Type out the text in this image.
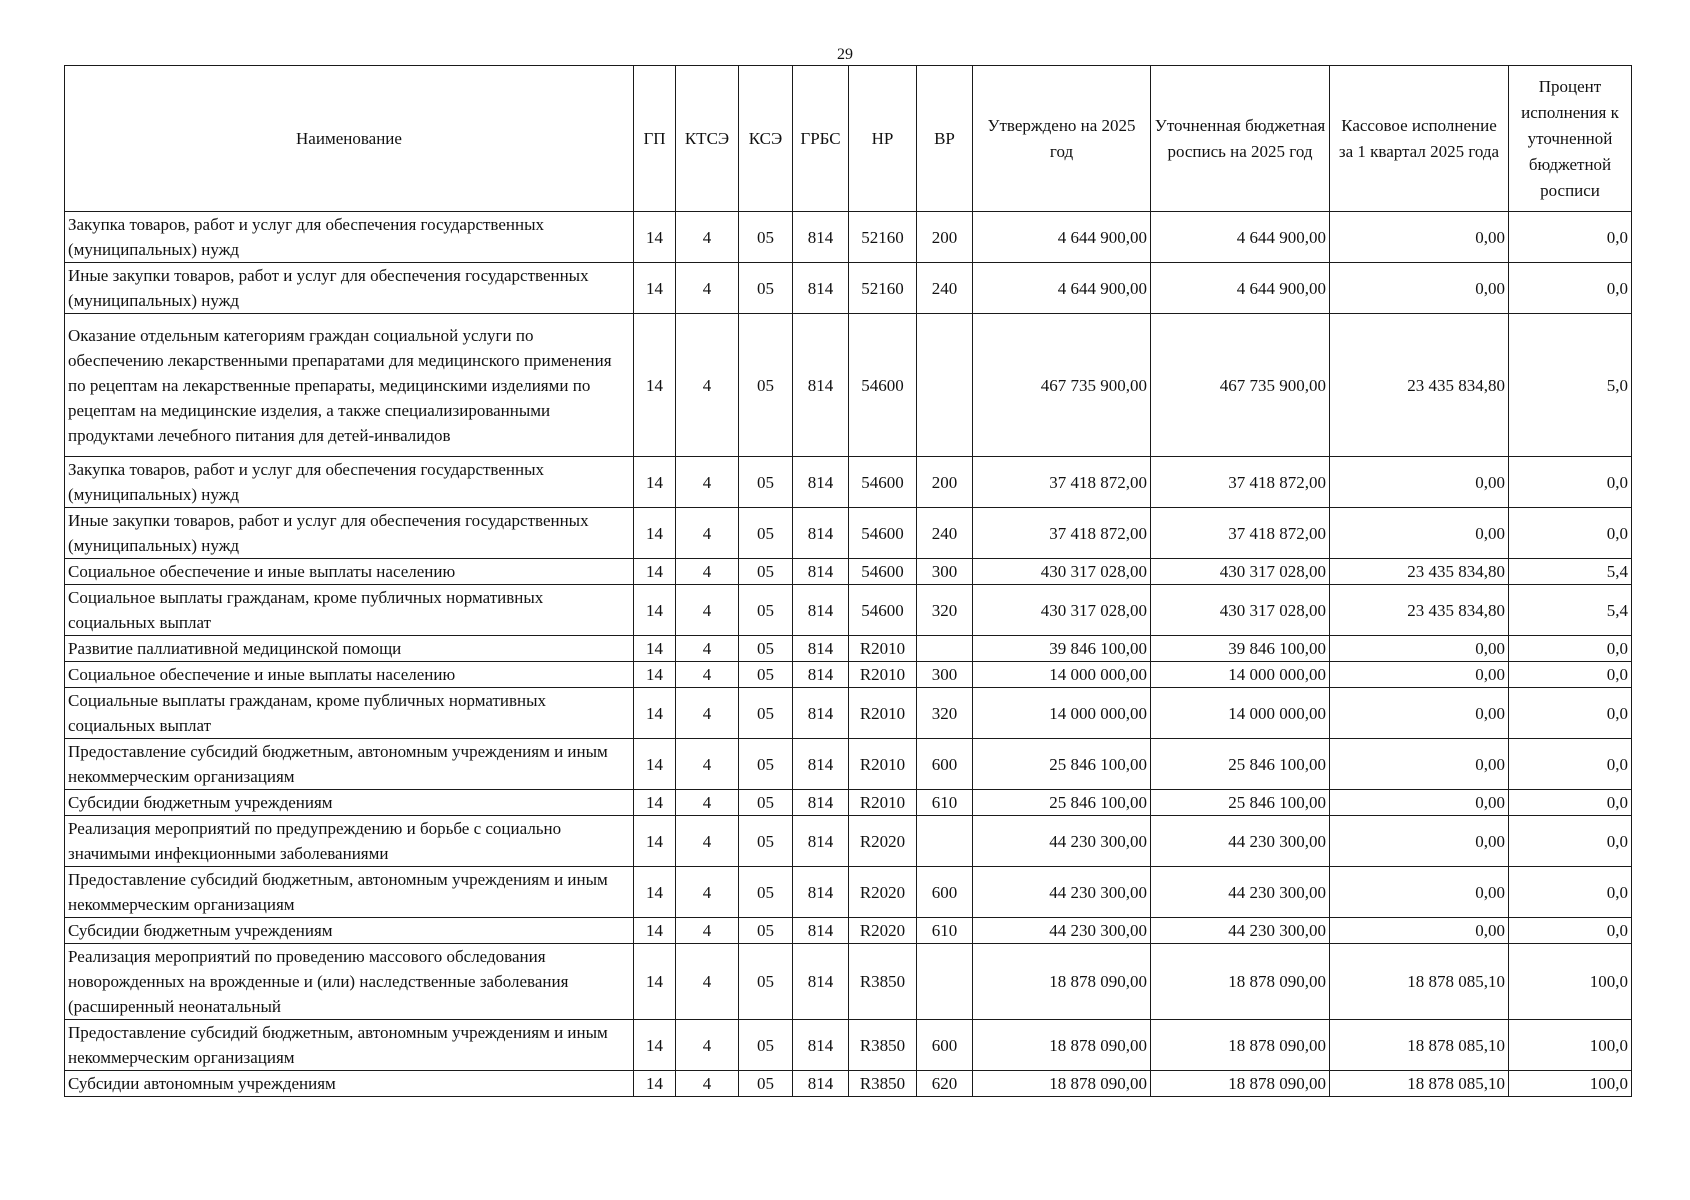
29
Наименование	ГП	КТСЭ	КСЭ	ГРБС	НР	ВР	Утверждено на 2025 год	Уточненная бюджетная роспись на 2025 год	Кассовое исполнение за 1 квартал 2025 года	Процент исполнения к уточненной бюджетной росписи
Закупка товаров, работ и услуг для обеспечения государственных (муниципальных) нужд	14	4	05	814	52160	200	4 644 900,00	4 644 900,00	0,00	0,0
Иные закупки товаров, работ и услуг для обеспечения государственных (муниципальных) нужд	14	4	05	814	52160	240	4 644 900,00	4 644 900,00	0,00	0,0
Оказание отдельным категориям граждан социальной услуги по обеспечению лекарственными препаратами для медицинского применения по рецептам на лекарственные препараты, медицинскими изделиями по рецептам на медицинские изделия, а также специализированными продуктами лечебного питания для детей-инвалидов	14	4	05	814	54600		467 735 900,00	467 735 900,00	23 435 834,80	5,0
Закупка товаров, работ и услуг для обеспечения государственных (муниципальных) нужд	14	4	05	814	54600	200	37 418 872,00	37 418 872,00	0,00	0,0
Иные закупки товаров, работ и услуг для обеспечения государственных (муниципальных) нужд	14	4	05	814	54600	240	37 418 872,00	37 418 872,00	0,00	0,0
Социальное обеспечение и иные выплаты населению	14	4	05	814	54600	300	430 317 028,00	430 317 028,00	23 435 834,80	5,4
Социальное выплаты гражданам, кроме публичных нормативных социальных выплат	14	4	05	814	54600	320	430 317 028,00	430 317 028,00	23 435 834,80	5,4
Развитие паллиативной медицинской помощи	14	4	05	814	R2010		39 846 100,00	39 846 100,00	0,00	0,0
Социальное обеспечение и иные выплаты населению	14	4	05	814	R2010	300	14 000 000,00	14 000 000,00	0,00	0,0
Социальные выплаты гражданам, кроме публичных нормативных социальных выплат	14	4	05	814	R2010	320	14 000 000,00	14 000 000,00	0,00	0,0
Предоставление субсидий бюджетным, автономным учреждениям и иным некоммерческим организациям	14	4	05	814	R2010	600	25 846 100,00	25 846 100,00	0,00	0,0
Субсидии бюджетным учреждениям	14	4	05	814	R2010	610	25 846 100,00	25 846 100,00	0,00	0,0
Реализация мероприятий по предупреждению и борьбе с социально значимыми инфекционными заболеваниями	14	4	05	814	R2020		44 230 300,00	44 230 300,00	0,00	0,0
Предоставление субсидий бюджетным, автономным учреждениям и иным некоммерческим организациям	14	4	05	814	R2020	600	44 230 300,00	44 230 300,00	0,00	0,0
Субсидии бюджетным учреждениям	14	4	05	814	R2020	610	44 230 300,00	44 230 300,00	0,00	0,0
Реализация мероприятий по проведению массового обследования новорожденных на врожденные и (или) наследственные заболевания (расширенный неонатальный	14	4	05	814	R3850		18 878 090,00	18 878 090,00	18 878 085,10	100,0
Предоставление субсидий бюджетным, автономным учреждениям и иным некоммерческим организациям	14	4	05	814	R3850	600	18 878 090,00	18 878 090,00	18 878 085,10	100,0
Субсидии автономным учреждениям	14	4	05	814	R3850	620	18 878 090,00	18 878 090,00	18 878 085,10	100,0
